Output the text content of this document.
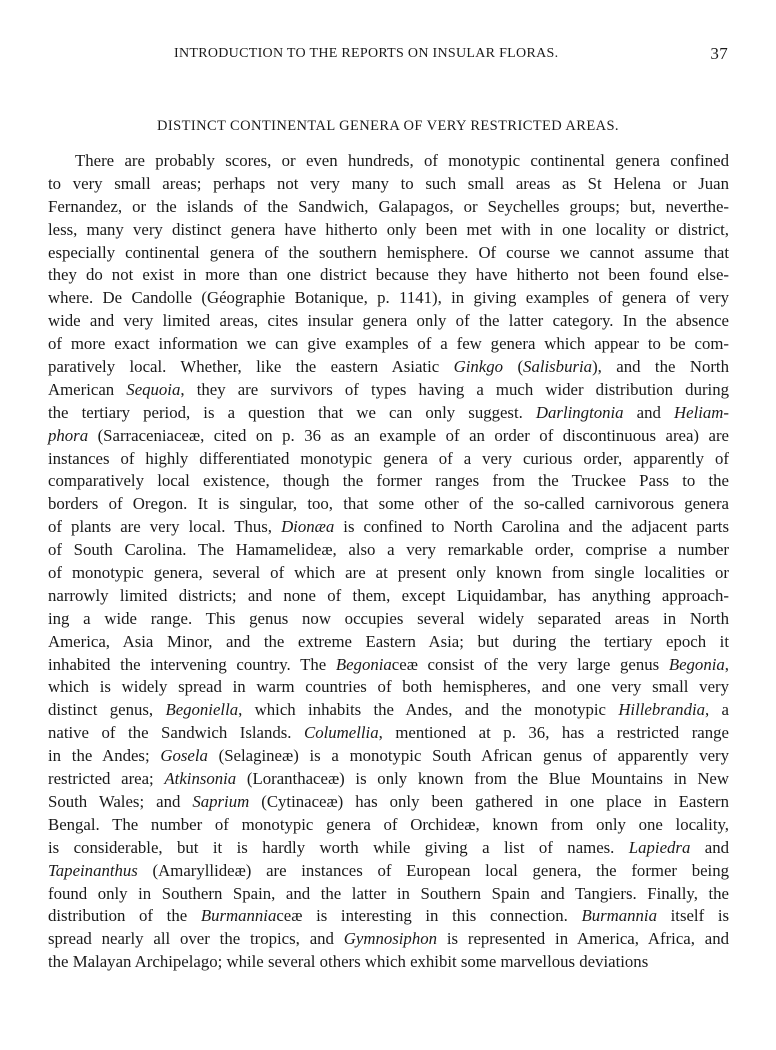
INTRODUCTION TO THE REPORTS ON INSULAR FLORAS.	37
DISTINCT CONTINENTAL GENERA OF VERY RESTRICTED AREAS.
There are probably scores, or even hundreds, of monotypic continental genera confined
to very small areas; perhaps not very many to such small areas as St Helena or Juan
Fernandez, or the islands of the Sandwich, Galapagos, or Seychelles groups; but, neverthe-
less, many very distinct genera have hitherto only been met with in one locality or district,
especially continental genera of the southern hemisphere. Of course we cannot assume that
they do not exist in more than one district because they have hitherto not been found else-
where. De Candolle (Géographie Botanique, p. 1141), in giving examples of genera of very
wide and very limited areas, cites insular genera only of the latter category. In the absence
of more exact information we can give examples of a few genera which appear to be com-
paratively local. Whether, like the eastern Asiatic Ginkgo (Salisburia), and the North
American Sequoia, they are survivors of types having a much wider distribution during
the tertiary period, is a question that we can only suggest. Darlingtonia and Heliam-
phora (Sarraceniaceæ, cited on p. 36 as an example of an order of discontinuous area) are
instances of highly differentiated monotypic genera of a very curious order, apparently of
comparatively local existence, though the former ranges from the Truckee Pass to the
borders of Oregon. It is singular, too, that some other of the so-called carnivorous genera
of plants are very local. Thus, Dionæa is confined to North Carolina and the adjacent parts
of South Carolina. The Hamamelideæ, also a very remarkable order, comprise a number
of monotypic genera, several of which are at present only known from single localities or
narrowly limited districts; and none of them, except Liquidambar, has anything approach-
ing a wide range. This genus now occupies several widely separated areas in North
America, Asia Minor, and the extreme Eastern Asia; but during the tertiary epoch it
inhabited the intervening country. The Begoniaceæ consist of the very large genus Begonia,
which is widely spread in warm countries of both hemispheres, and one very small very
distinct genus, Begoniella, which inhabits the Andes, and the monotypic Hillebrandia, a
native of the Sandwich Islands. Columellia, mentioned at p. 36, has a restricted range
in the Andes; Gosela (Selagineæ) is a monotypic South African genus of apparently very
restricted area; Atkinsonia (Loranthaceæ) is only known from the Blue Mountains in New
South Wales; and Saprium (Cytinaceæ) has only been gathered in one place in Eastern
Bengal. The number of monotypic genera of Orchideæ, known from only one locality,
is considerable, but it is hardly worth while giving a list of names. Lapiedra and
Tapeinanthus (Amaryllideæ) are instances of European local genera, the former being
found only in Southern Spain, and the latter in Southern Spain and Tangiers. Finally, the
distribution of the Burmanniaceæ is interesting in this connection. Burmannia itself is
spread nearly all over the tropics, and Gymnosiphon is represented in America, Africa, and
the Malayan Archipelago; while several others which exhibit some marvellous deviations
